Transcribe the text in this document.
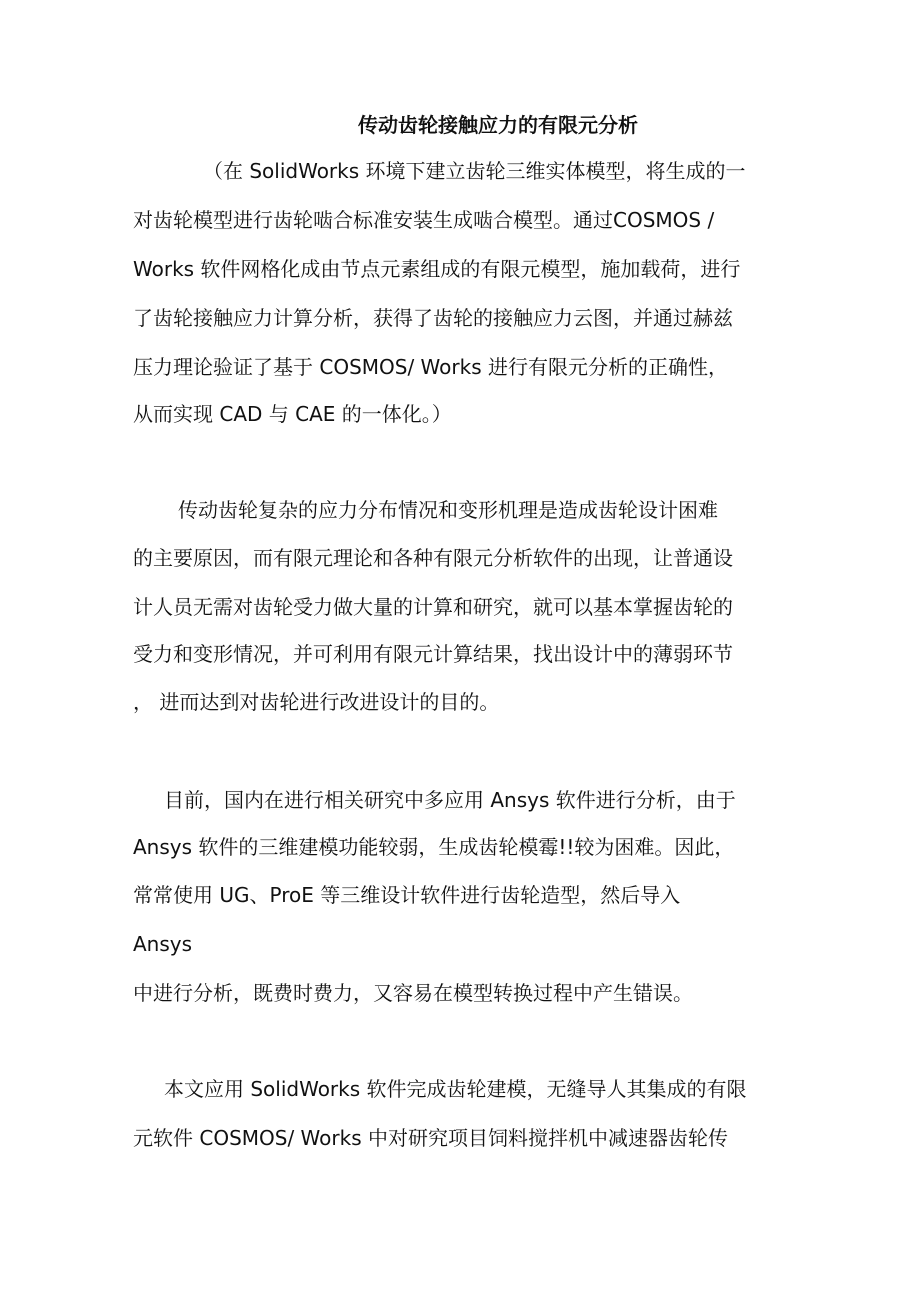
传动齿轮接触应力的有限元分析
（在 SolidWorks 环境下建立齿轮三维实体模型，将生成的一
对齿轮模型进行齿轮啮合标准安装生成啮合模型。通过COSMOS /
Works 软件网格化成由节点元素组成的有限元模型，施加载荷，进行
了齿轮接触应力计算分析，获得了齿轮的接触应力云图，并通过赫兹
压力理论验证了基于 COSMOS/ Works 进行有限元分析的正确性，
从而实现 CAD 与 CAE 的一体化。）
传动齿轮复杂的应力分布情况和变形机理是造成齿轮设计困难
的主要原因，而有限元理论和各种有限元分析软件的出现，让普通设
计人员无需对齿轮受力做大量的计算和研究，就可以基本掌握齿轮的
受力和变形情况，并可利用有限元计算结果，找出设计中的薄弱环节
， 进而达到对齿轮进行改进设计的目的。
目前，国内在进行相关研究中多应用 Ansys 软件进行分析，由于
Ansys 软件的三维建模功能较弱，生成齿轮模霉!!较为困难。因此，
常常使用 UG、ProE 等三维设计软件进行齿轮造型，然后导入
Ansys
中进行分析，既费时费力，又容易在模型转换过程中产生错误。
本文应用 SolidWorks 软件完成齿轮建模，无缝导人其集成的有限
元软件 COSMOS/ Works 中对研究项目饲料搅拌机中减速器齿轮传
